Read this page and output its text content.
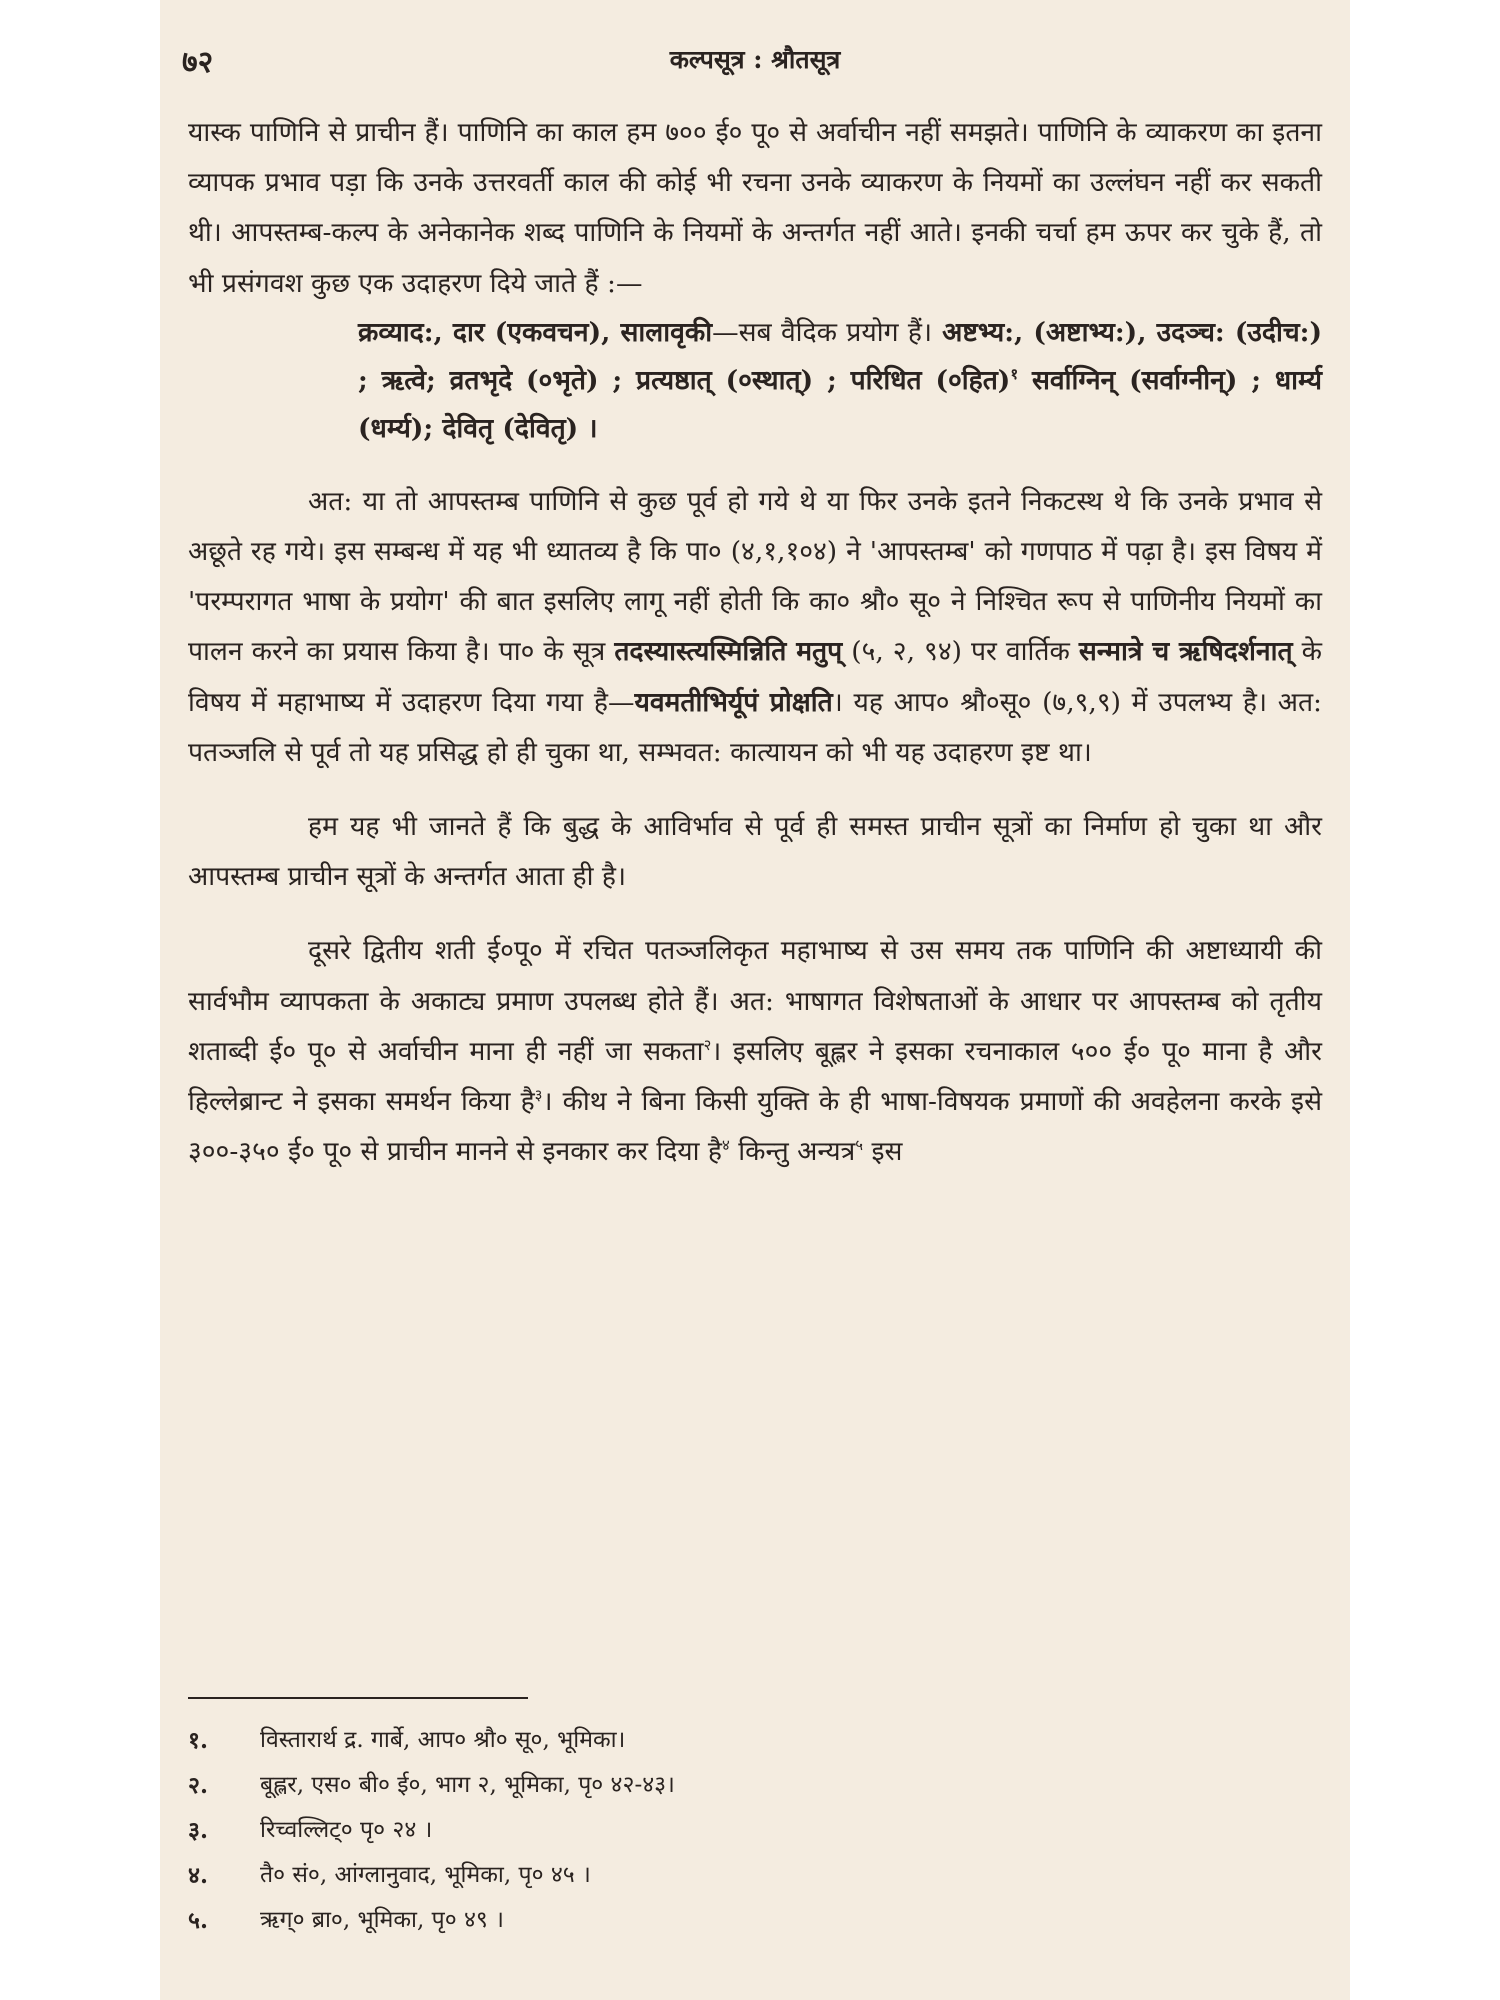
७२	कल्पसूत्र : श्रौतसूत्र

यास्क पाणिनि से प्राचीन हैं। पाणिनि का काल हम ७०० ई० पू० से अर्वाचीन नहीं समझते। पाणिनि के व्याकरण का इतना व्यापक प्रभाव पड़ा कि उनके उत्तरवर्ती काल की कोई भी रचना उनके व्याकरण के नियमों का उल्लंघन नहीं कर सकती थी। आपस्तम्ब-कल्प के अनेकानेक शब्द पाणिनि के नियमों के अन्तर्गत नहीं आते। इनकी चर्चा हम ऊपर कर चुके हैं, तो भी प्रसंगवश कुछ एक उदाहरण दिये जाते हैं :—

क्रव्याद:, दार (एकवचन), सालावृकी—सब वैदिक प्रयोग हैं। अष्टभ्य:, (अष्टाभ्य:), उदञ्च: (उदीच:) ; ऋत्वे; व्रतभृदे (०भृते) ; प्रत्यष्ठात् (०स्थात्) ; परिधित (०हित)$^१$ सर्वाग्निन् (सर्वाग्नीन्) ; धार्म्य (धर्म्य); देवितृ (देवितृ) ।

अत: या तो आपस्तम्ब पाणिनि से कुछ पूर्व हो गये थे या फिर उनके इतने निकटस्थ थे कि उनके प्रभाव से अछूते रह गये। इस सम्बन्ध में यह भी ध्यातव्य है कि पा० (४,१,१०४) ने 'आपस्तम्ब' को गणपाठ में पढ़ा है। इस विषय में 'परम्परागत भाषा के प्रयोग' की बात इसलिए लागू नहीं होती कि का० श्रौ० सू० ने निश्चित रूप से पाणिनीय नियमों का पालन करने का प्रयास किया है। पा० के सूत्र तदस्यास्त्यस्मिन्निति मतुप् (५, २, ९४) पर वार्तिक सन्मात्रे च ऋषिदर्शनात् के विषय में महाभाष्य में उदाहरण दिया गया है—यवमतीभिर्यूपं प्रोक्षति। यह आप० श्रौ०सू० (७,९,९) में उपलभ्य है। अत: पतञ्जलि से पूर्व तो यह प्रसिद्ध हो ही चुका था, सम्भवत: कात्यायन को भी यह उदाहरण इष्ट था।

हम यह भी जानते हैं कि बुद्ध के आविर्भाव से पूर्व ही समस्त प्राचीन सूत्रों का निर्माण हो चुका था और आपस्तम्ब प्राचीन सूत्रों के अन्तर्गत आता ही है।

दूसरे द्वितीय शती ई०पू० में रचित पतञ्जलिकृत महाभाष्य से उस समय तक पाणिनि की अष्टाध्यायी की सार्वभौम व्यापकता के अकाट्य प्रमाण उपलब्ध होते हैं। अत: भाषागत विशेषताओं के आधार पर आपस्तम्ब को तृतीय शताब्दी ई० पू० से अर्वाचीन माना ही नहीं जा सकता$^२$। इसलिए बूह्लर ने इसका रचनाकाल ५०० ई० पू० माना है और हिल्लेब्रान्ट ने इसका समर्थन किया है$^३$। कीथ ने बिना किसी युक्ति के ही भाषा-विषयक प्रमाणों की अवहेलना करके इसे ३००-३५० ई० पू० से प्राचीन मानने से इनकार कर दिया है$^४$ किन्तु अन्यत्र$^५$ इस

१.	विस्तारार्थ द्र. गार्बे, आप० श्रौ० सू०, भूमिका।
२.	बूह्लर, एस० बी० ई०, भाग २, भूमिका, पृ० ४२-४३।
३.	रिच्वल्लिट्० पृ० २४ ।
४.	तै० सं०, आंग्लानुवाद, भूमिका, पृ० ४५ ।
५.	ऋग्० ब्रा०, भूमिका, पृ० ४९ ।
